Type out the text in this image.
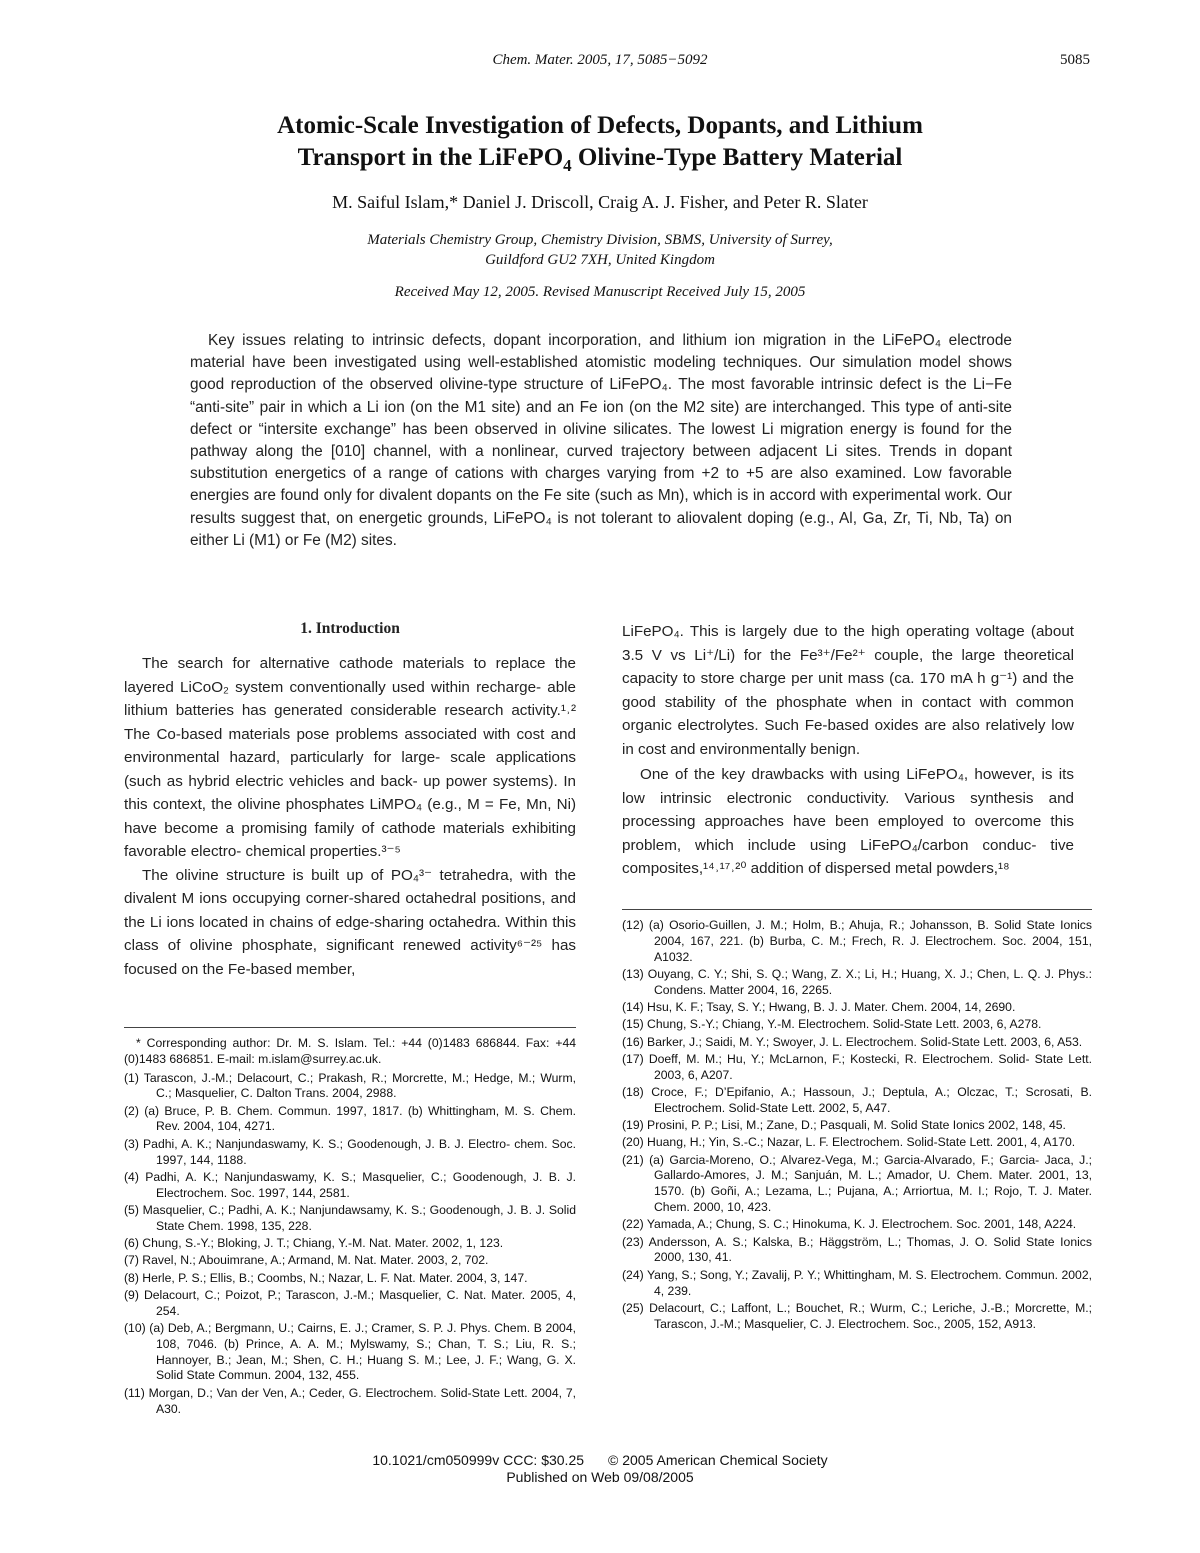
Chem. Mater. 2005, 17, 5085−5092	5085
Atomic-Scale Investigation of Defects, Dopants, and Lithium
Transport in the LiFePO$_4$ Olivine-Type Battery Material
M. Saiful Islam,* Daniel J. Driscoll, Craig A. J. Fisher, and Peter R. Slater
Materials Chemistry Group, Chemistry Division, SBMS, University of Surrey,
Guildford GU2 7XH, United Kingdom
Received May 12, 2005. Revised Manuscript Received July 15, 2005
Key issues relating to intrinsic defects, dopant incorporation, and lithium ion migration in the LiFePO₄ electrode material have been investigated using well-established atomistic modeling techniques. Our simulation model shows good reproduction of the observed olivine-type structure of LiFePO₄. The most favorable intrinsic defect is the Li−Fe “anti-site” pair in which a Li ion (on the M1 site) and an Fe ion (on the M2 site) are interchanged. This type of anti-site defect or “intersite exchange” has been observed in olivine silicates. The lowest Li migration energy is found for the pathway along the [010] channel, with a nonlinear, curved trajectory between adjacent Li sites. Trends in dopant substitution energetics of a range of cations with charges varying from +2 to +5 are also examined. Low favorable energies are found only for divalent dopants on the Fe site (such as Mn), which is in accord with experimental work. Our results suggest that, on energetic grounds, LiFePO₄ is not tolerant to aliovalent doping (e.g., Al, Ga, Zr, Ti, Nb, Ta) on either Li (M1) or Fe (M2) sites.

1. Introduction

The search for alternative cathode materials to replace the layered LiCoO₂ system conventionally used within recharge- able lithium batteries has generated considerable research activity.¹˒² The Co-based materials pose problems associated with cost and environmental hazard, particularly for large- scale applications (such as hybrid electric vehicles and back- up power systems). In this context, the olivine phosphates LiMPO₄ (e.g., M = Fe, Mn, Ni) have become a promising family of cathode materials exhibiting favorable electro- chemical properties.³⁻⁵

The olivine structure is built up of PO₄³⁻ tetrahedra, with the divalent M ions occupying corner-shared octahedral positions, and the Li ions located in chains of edge-sharing octahedra. Within this class of olivine phosphate, significant renewed activity⁶⁻²⁵ has focused on the Fe-based member,

LiFePO₄. This is largely due to the high operating voltage (about 3.5 V vs Li⁺/Li) for the Fe³⁺/Fe²⁺ couple, the large theoretical capacity to store charge per unit mass (ca. 170 mA h g⁻¹) and the good stability of the phosphate when in contact with common organic electrolytes. Such Fe-based oxides are also relatively low in cost and environmentally benign.

One of the key drawbacks with using LiFePO₄, however, is its low intrinsic electronic conductivity. Various synthesis and processing approaches have been employed to overcome this problem, which include using LiFePO₄/carbon conduc- tive composites,¹⁴˒¹⁷˒²⁰ addition of dispersed metal powders,¹⁸

* Corresponding author: Dr. M. S. Islam. Tel.: +44 (0)1483 686844. Fax: +44 (0)1483 686851. E-mail: m.islam@surrey.ac.uk.

(1) Tarascon, J.-M.; Delacourt, C.; Prakash, R.; Morcrette, M.; Hedge, M.; Wurm, C.; Masquelier, C. Dalton Trans. 2004, 2988.
(2) (a) Bruce, P. B. Chem. Commun. 1997, 1817. (b) Whittingham, M. S. Chem. Rev. 2004, 104, 4271.
(3) Padhi, A. K.; Nanjundaswamy, K. S.; Goodenough, J. B. J. Electro- chem. Soc. 1997, 144, 1188.
(4) Padhi, A. K.; Nanjundaswamy, K. S.; Masquelier, C.; Goodenough, J. B. J. Electrochem. Soc. 1997, 144, 2581.
(5) Masquelier, C.; Padhi, A. K.; Nanjundawsamy, K. S.; Goodenough, J. B. J. Solid State Chem. 1998, 135, 228.
(6) Chung, S.-Y.; Bloking, J. T.; Chiang, Y.-M. Nat. Mater. 2002, 1, 123.
(7) Ravel, N.; Abouimrane, A.; Armand, M. Nat. Mater. 2003, 2, 702.
(8) Herle, P. S.; Ellis, B.; Coombs, N.; Nazar, L. F. Nat. Mater. 2004, 3, 147.
(9) Delacourt, C.; Poizot, P.; Tarascon, J.-M.; Masquelier, C. Nat. Mater. 2005, 4, 254.
(10) (a) Deb, A.; Bergmann, U.; Cairns, E. J.; Cramer, S. P. J. Phys. Chem. B 2004, 108, 7046. (b) Prince, A. A. M.; Mylswamy, S.; Chan, T. S.; Liu, R. S.; Hannoyer, B.; Jean, M.; Shen, C. H.; Huang S. M.; Lee, J. F.; Wang, G. X. Solid State Commun. 2004, 132, 455.
(11) Morgan, D.; Van der Ven, A.; Ceder, G. Electrochem. Solid-State Lett. 2004, 7, A30.
(12) (a) Osorio-Guillen, J. M.; Holm, B.; Ahuja, R.; Johansson, B. Solid State Ionics 2004, 167, 221. (b) Burba, C. M.; Frech, R. J. Electrochem. Soc. 2004, 151, A1032.
(13) Ouyang, C. Y.; Shi, S. Q.; Wang, Z. X.; Li, H.; Huang, X. J.; Chen, L. Q. J. Phys.: Condens. Matter 2004, 16, 2265.
(14) Hsu, K. F.; Tsay, S. Y.; Hwang, B. J. J. Mater. Chem. 2004, 14, 2690.
(15) Chung, S.-Y.; Chiang, Y.-M. Electrochem. Solid-State Lett. 2003, 6, A278.
(16) Barker, J.; Saidi, M. Y.; Swoyer, J. L. Electrochem. Solid-State Lett. 2003, 6, A53.
(17) Doeff, M. M.; Hu, Y.; McLarnon, F.; Kostecki, R. Electrochem. Solid- State Lett. 2003, 6, A207.
(18) Croce, F.; D’Epifanio, A.; Hassoun, J.; Deptula, A.; Olczac, T.; Scrosati, B. Electrochem. Solid-State Lett. 2002, 5, A47.
(19) Prosini, P. P.; Lisi, M.; Zane, D.; Pasquali, M. Solid State Ionics 2002, 148, 45.
(20) Huang, H.; Yin, S.-C.; Nazar, L. F. Electrochem. Solid-State Lett. 2001, 4, A170.
(21) (a) Garcia-Moreno, O.; Alvarez-Vega, M.; Garcia-Alvarado, F.; Garcia- Jaca, J.; Gallardo-Amores, J. M.; Sanjuán, M. L.; Amador, U. Chem. Mater. 2001, 13, 1570. (b) Goñi, A.; Lezama, L.; Pujana, A.; Arriortua, M. I.; Rojo, T. J. Mater. Chem. 2000, 10, 423.
(22) Yamada, A.; Chung, S. C.; Hinokuma, K. J. Electrochem. Soc. 2001, 148, A224.
(23) Andersson, A. S.; Kalska, B.; Häggström, L.; Thomas, J. O. Solid State Ionics 2000, 130, 41.
(24) Yang, S.; Song, Y.; Zavalij, P. Y.; Whittingham, M. S. Electrochem. Commun. 2002, 4, 239.
(25) Delacourt, C.; Laffont, L.; Bouchet, R.; Wurm, C.; Leriche, J.-B.; Morcrette, M.; Tarascon, J.-M.; Masquelier, C. J. Electrochem. Soc., 2005, 152, A913.
10.1021/cm050999v CCC: $30.25 © 2005 American Chemical Society
Published on Web 09/08/2005
